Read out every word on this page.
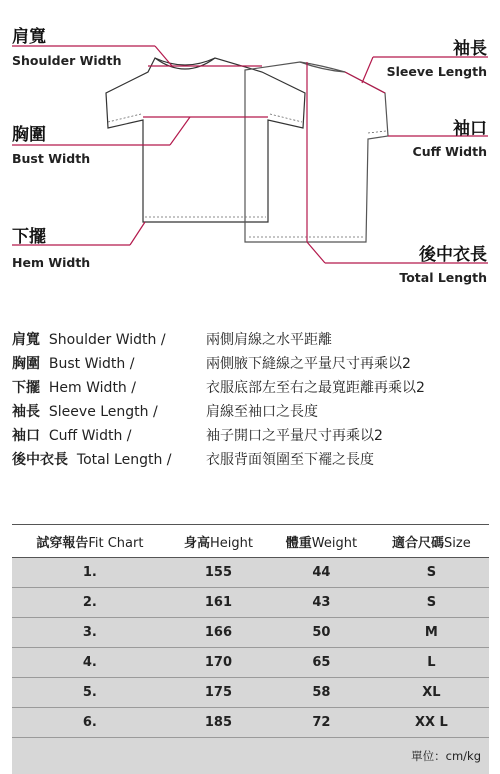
肩寬
Shoulder Width
袖長
Sleeve Length
胸圍
Bust Width
袖口
Cuff Width
下擺
Hem Width	後中衣長
Total Length
肩寬 Shoulder Width /	兩側肩線之水平距離
胸圍 Bust Width /	兩側腋下縫線之平量尺寸再乘以2
下擺 Hem Width /	衣服底部左至右之最寬距離再乘以2
袖長 Sleeve Length /	肩線至袖口之長度
袖口 Cuff Width /	袖子開口之平量尺寸再乘以2
後中衣長 Total Length / 衣服背面領圍至下襬之長度
試穿報告Fit Chart	身高Height	體重Weight	適合尺碼Size
1.	155	44	S
2.	161	43	S
3.	166	50	M
4.	170	65	L
5.	175	58	XL
6.	185	72	XX L
單位：cm/kg			
